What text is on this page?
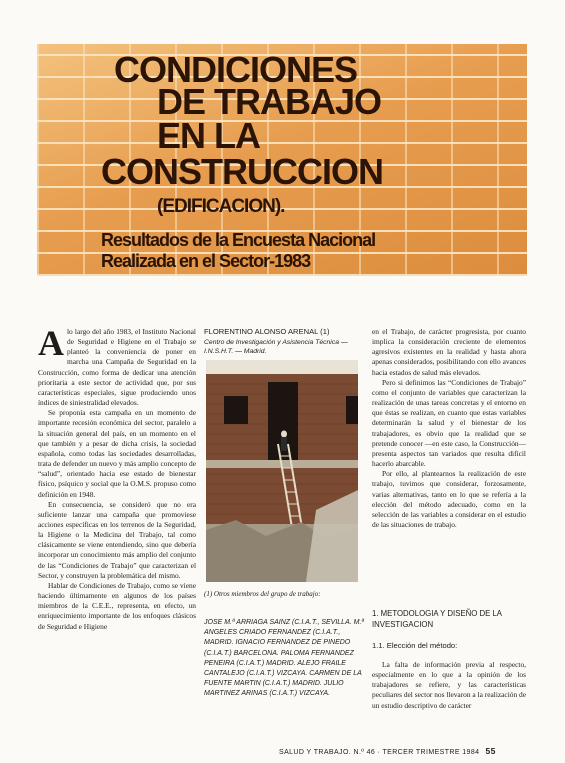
CONDICIONES
DE TRABAJO
EN LA
CONSTRUCCION
(EDIFICACION).
Resultados de la Encuesta Nacional
Realizada en el Sector-1983

Alo largo del año 1983, el Instituto Nacional de Seguridad e Higiene en el Trabajo se planteó la conveniencia de poner en marcha una Campaña de Seguridad en la Construcción, como forma de dedicar una atención prioritaria a este sector de actividad que, por sus características especiales, sigue produciendo unos índices de siniestralidad elevados.

Se proponía esta campaña en un momento de importante recesión económica del sector, paralelo a la situación general del país, en un momento en el que también y a pesar de dicha crisis, la sociedad española, como todas las sociedades desarrolladas, trata de defender un nuevo y más amplio concepto de “salud”, orientado hacia ese estado de bienestar físico, psíquico y social que la O.M.S. propuso como definición en 1948.

En consecuencia, se consideró que no era suficiente lanzar una campaña que promoviese acciones específicas en los terrenos de la Seguridad, la Higiene o la Medicina del Trabajo, tal como clásicamente se viene entendiendo, sino que debería incorporar un conocimiento más amplio del conjunto de las “Condiciones de Trabajo” que caracterizan el Sector, y construyen la problemática del mismo.

Hablar de Condiciones de Trabajo, como se viene haciendo últimamente en algunos de los países miembros de la C.E.E., representa, en efecto, un enriquecimiento importante de los enfoques clásicos de Seguridad e Higiene

FLORENTINO ALONSO ARENAL (1)
Centro de Investigación y Asistencia Técnica — I.N.S.H.T. — Madrid.
(1) Otros miembros del grupo de trabajo:
JOSE M.ª ARRIAGA SAINZ (C.I.A.T., SEVILLA. M.ª ANGELES CRIADO FERNANDEZ (C.I.A.T., MADRID. IGNACIO FERNANDEZ DE PINEDO (C.I.A.T.) BARCELONA. PALOMA FERNANDEZ PENEIRA (C.I.A.T.) MADRID. ALEJO FRAILE CANTALEJO (C.I.A.T.) VIZCAYA. CARMEN DE LA FUENTE MARTIN (C.I.A.T.) MADRID. JULIO MARTINEZ ARINAS (C.I.A.T.) VIZCAYA.

en el Trabajo, de carácter progresista, por cuanto implica la consideración creciente de elementos agresivos existentes en la realidad y hasta ahora apenas considerados, posibilitando con ello avances hacia estados de salud más elevados.

Pero si definimos las “Condiciones de Trabajo” como el conjunto de variables que caracterizan la realización de unas tareas concretas y el entorno en que éstas se realizan, en cuanto que estas variables determinarán la salud y el bienestar de los trabajadores, es obvio que la realidad que se pretende conocer —en este caso, la Construcción— presenta aspectos tan variados que resulta difícil hacerlo abarcable.

Por ello, al plantearnos la realización de este trabajo, tuvimos que considerar, forzosamente, varias alternativas, tanto en lo que se refería a la elección del método adecuado, como en la selección de las variables a considerar en el estudio de las situaciones de trabajo.

1. METODOLOGIA Y DISEÑO DE LA INVESTIGACION
1.1. Elección del método:

La falta de información previa al respecto, especialmente en lo que a la opinión de los trabajadores se refiere, y las características peculiares del sector nos llevaron a la realización de un estudio descriptivo de carácter

SALUD Y TRABAJO. N.º 46 · TERCER TRIMESTRE 1984 55
